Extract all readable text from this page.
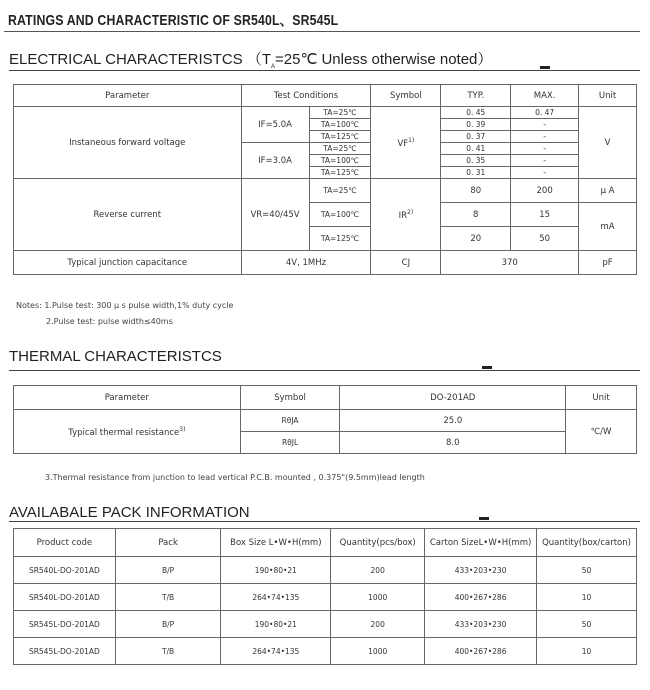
RATINGS AND CHARACTERISTIC OF SR540L、SR545L
ELECTRICAL CHARACTERISTCS （$T_A=25℃$ Unless otherwise noted）
Parameter	Test Conditions		Symbol	TYP.	MAX.	Unit
Instaneous forward voltage	IF=5.0A	TA=25℃	VF$^{1)}$	0. 45	0. 47	V
		TA=100℃		0. 39	-	
		TA=125℃		0. 37	-	
	IF=3.0A	TA=25℃		0. 41	-	
		TA=100℃		0. 35	-	
		TA=125℃		0. 31	-	
Reverse current	VR=40/45V	TA=25℃	IR$^{2)}$	80	200	μ A
		TA=100℃		8	15	mA
		TA=125℃		20	50	
Typical junction capacitance	4V, 1MHz		CJ	370		pF
Notes: 1.Pulse test: 300 μ s pulse width,1% duty cycle
2.Pulse test: pulse width≤40ms
THERMAL CHARACTERISTCS
Parameter	Symbol	DO-201AD	Unit
Typical thermal resistance$^{3)}$	RθJA	25.0	℃/W
	RθJL	8.0	
3.Thermal resistance from junction to lead vertical P.C.B. mounted , 0.375"(9.5mm)lead length
AVAILABALE PACK INFORMATION
Product code	Pack	Box Size L•W•H(mm)	Quantity(pcs/box)	Carton SizeL•W•H(mm)	Quantity(box/carton)
SR540L-DO-201AD	B/P	190•80•21	200	433•203•230	50
SR540L-DO-201AD	T/B	264•74•135	1000	400•267•286	10
SR545L-DO-201AD	B/P	190•80•21	200	433•203•230	50
SR545L-DO-201AD	T/B	264•74•135	1000	400•267•286	10
